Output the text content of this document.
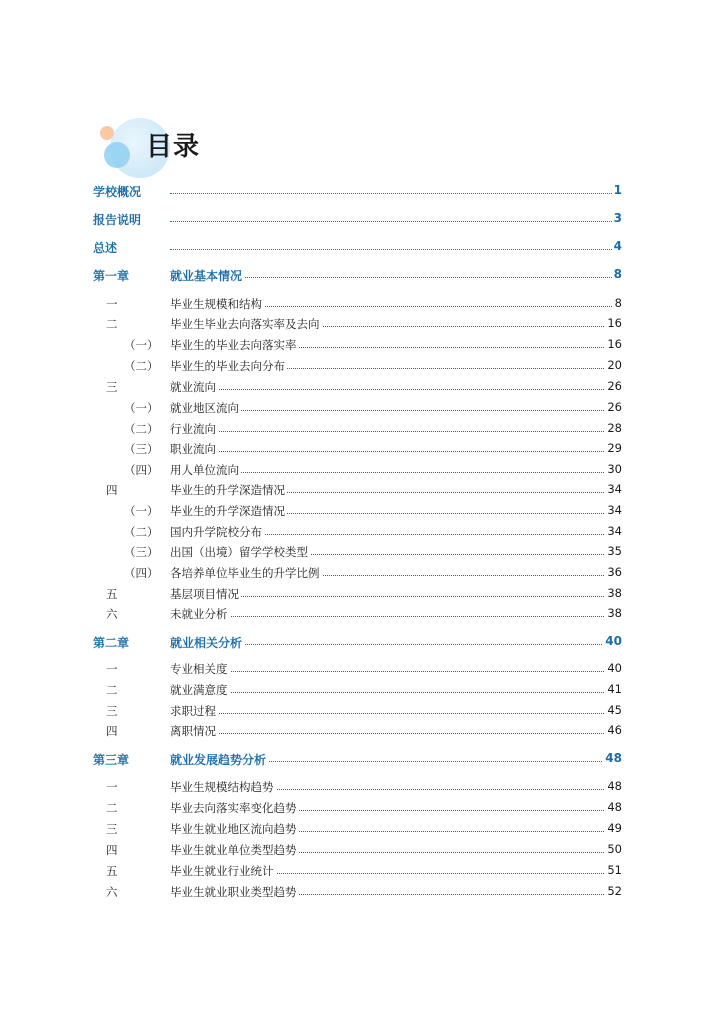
目录
学校概况	1
报告说明	3
总述	4
第一章	就业基本情况	8
一	毕业生规模和结构	8
二	毕业生毕业去向落实率及去向	16
（一） 毕业生的毕业去向落实率	16
（二） 毕业生的毕业去向分布	20
三	就业流向	26
（一） 就业地区流向	26
（二） 行业流向	28
（三） 职业流向	29
（四） 用人单位流向	30
四	毕业生的升学深造情况	34
（一） 毕业生的升学深造情况	34
（二） 国内升学院校分布	34
（三） 出国（出境）留学学校类型	35
（四） 各培养单位毕业生的升学比例	36
五	基层项目情况	38
六	未就业分析	38
第二章	就业相关分析	40
一	专业相关度	40
二	就业满意度	41
三	求职过程	45
四	离职情况	46
第三章	就业发展趋势分析	48
一	毕业生规模结构趋势	48
二	毕业去向落实率变化趋势	48
三	毕业生就业地区流向趋势	49
四	毕业生就业单位类型趋势	50
五	毕业生就业行业统计	51
六	毕业生就业职业类型趋势	52
